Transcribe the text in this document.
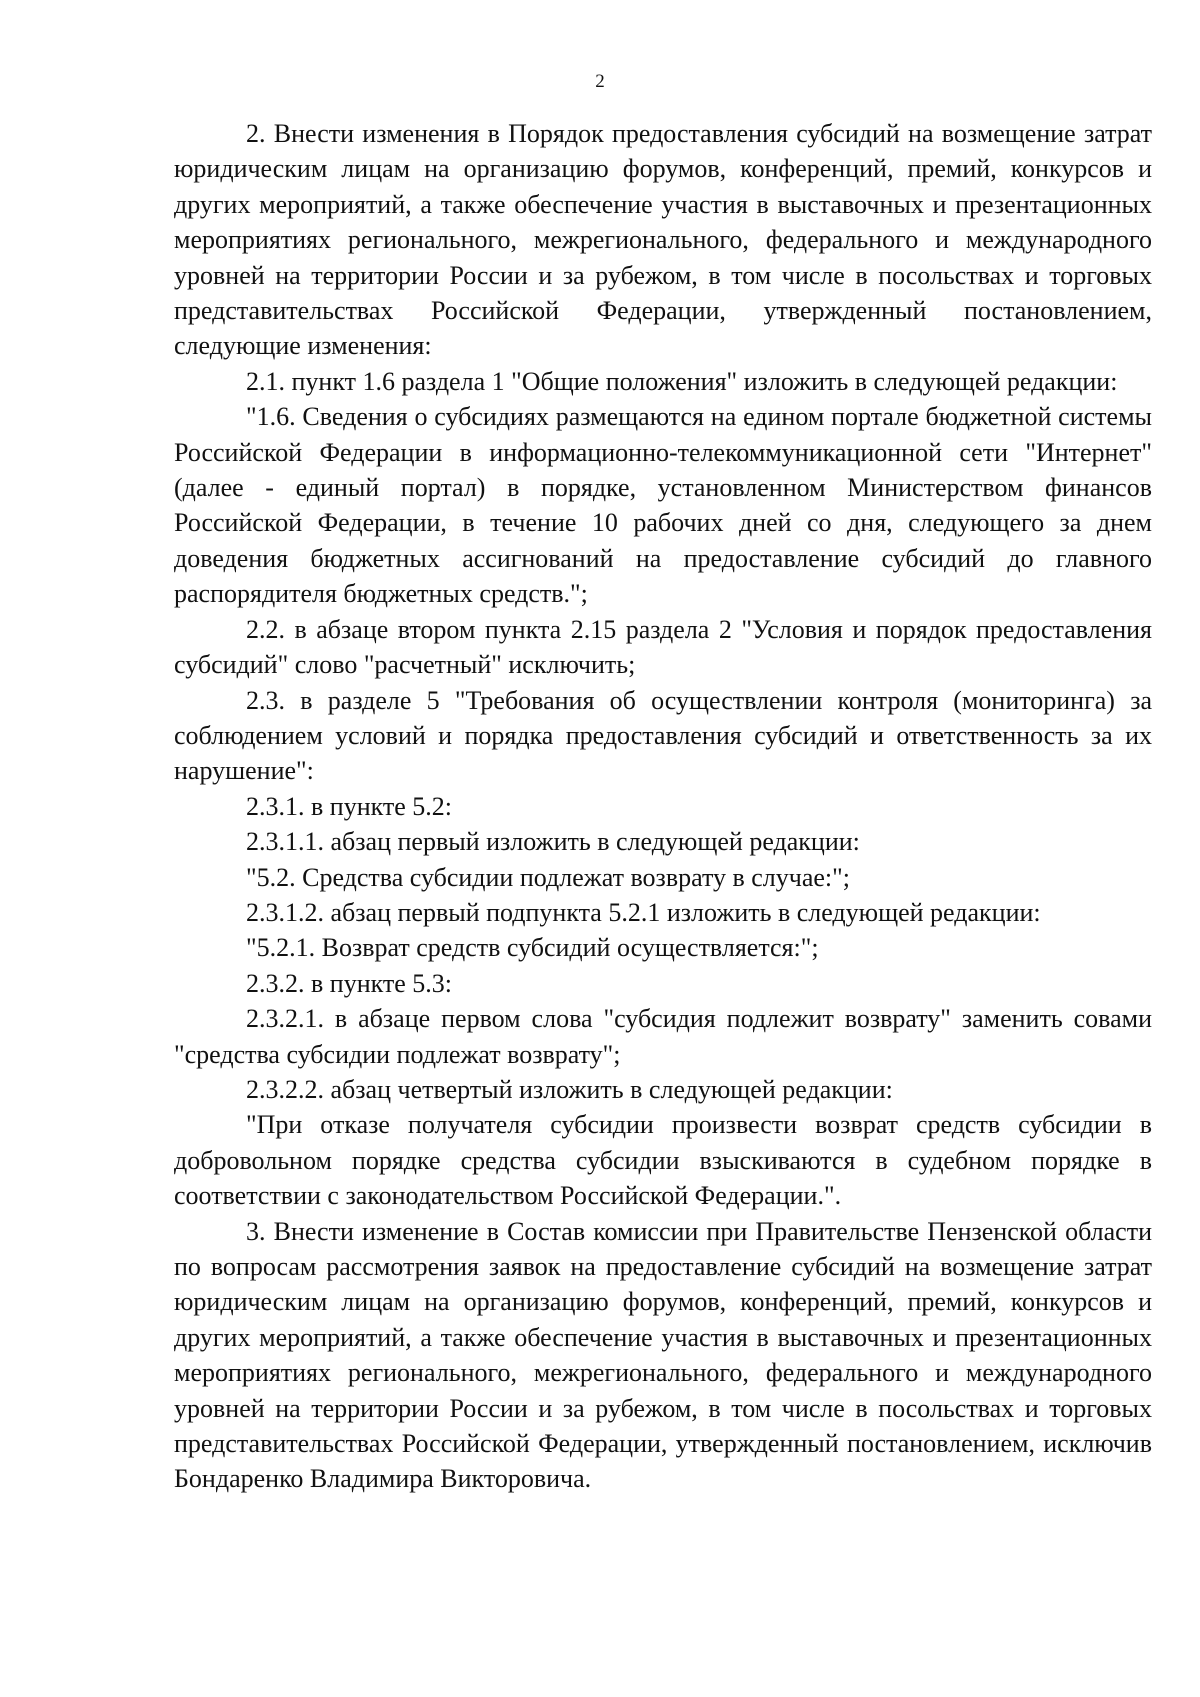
2

2. Внести изменения в Порядок предоставления субсидий на возмещение затрат юридическим лицам на организацию форумов, конференций, премий, конкурсов и других мероприятий, а также обеспечение участия в выставочных и презентационных мероприятиях регионального, межрегионального, федерального и международного уровней на территории России и за рубежом, в том числе в посольствах и торговых представительствах Российской Федерации, утвержденный постановлением, следующие изменения:

2.1. пункт 1.6 раздела 1 "Общие положения" изложить в следующей редакции:

"1.6. Сведения о субсидиях размещаются на едином портале бюджетной системы Российской Федерации в информационно-телекоммуникационной сети "Интернет" (далее - единый портал) в порядке, установленном Министерством финансов Российской Федерации, в течение 10 рабочих дней со дня, следующего за днем доведения бюджетных ассигнований на предоставление субсидий до главного распорядителя бюджетных средств.";

2.2. в абзаце втором пункта 2.15 раздела 2 "Условия и порядок предоставления субсидий" слово "расчетный" исключить;

2.3. в разделе 5 "Требования об осуществлении контроля (мониторинга) за соблюдением условий и порядка предоставления субсидий и ответственность за их нарушение":

2.3.1. в пункте 5.2:

2.3.1.1. абзац первый изложить в следующей редакции:

"5.2. Средства субсидии подлежат возврату в случае:";

2.3.1.2. абзац первый подпункта 5.2.1 изложить в следующей редакции:

"5.2.1. Возврат средств субсидий осуществляется:";

2.3.2. в пункте 5.3:

2.3.2.1. в абзаце первом слова "субсидия подлежит возврату" заменить совами "средства субсидии подлежат возврату";

2.3.2.2. абзац четвертый изложить в следующей редакции:

"При отказе получателя субсидии произвести возврат средств субсидии в добровольном порядке средства субсидии взыскиваются в судебном порядке в соответствии с законодательством Российской Федерации.".

3. Внести изменение в Состав комиссии при Правительстве Пензенской области по вопросам рассмотрения заявок на предоставление субсидий на возмещение затрат юридическим лицам на организацию форумов, конференций, премий, конкурсов и других мероприятий, а также обеспечение участия в выставочных и презентационных мероприятиях регионального, межрегионального, федерального и международного уровней на территории России и за рубежом, в том числе в посольствах и торговых представительствах Российской Федерации, утвержденный постановлением, исключив Бондаренко Владимира Викторовича.
